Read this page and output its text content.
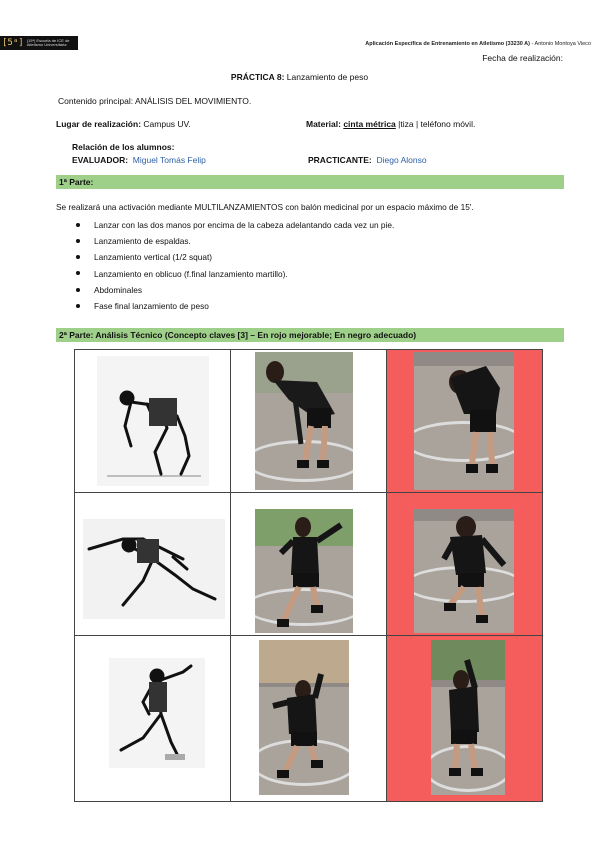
[5ᵃ] (15ᵃ) Escuela de ICE de Atletismo Universitaria	Aplicación Específica de Entrenamiento en Atletismo (33230 A) - Antonio Montoya Vieco
Fecha de realización:
PRÁCTICA 8: Lanzamiento de peso
Contenido principal: ANÁLISIS DEL MOVIMIENTO.
Lugar de realización: Campus UV.	Material: cinta métrica |tiza | teléfono móvil.
Relación de los alumnos:
EVALUADOR: Miguel Tomás Felip	PRACTICANTE: Diego Alonso
1ª Parte:
Se realizará una activación mediante MULTILANZAMIENTOS con balón medicinal por un espacio máximo de 15'.
Lanzar con las dos manos por encima de la cabeza adelantando cada vez un pie.
Lanzamiento de espaldas.
Lanzamiento vertical (1/2 squat)
Lanzamiento en oblicuo (f.final lanzamiento martillo).
Abdominales
Fase final lanzamiento de peso
2ª Parte: Análisis Técnico (Concepto claves [3] – En rojo mejorable; En negro adecuado)
